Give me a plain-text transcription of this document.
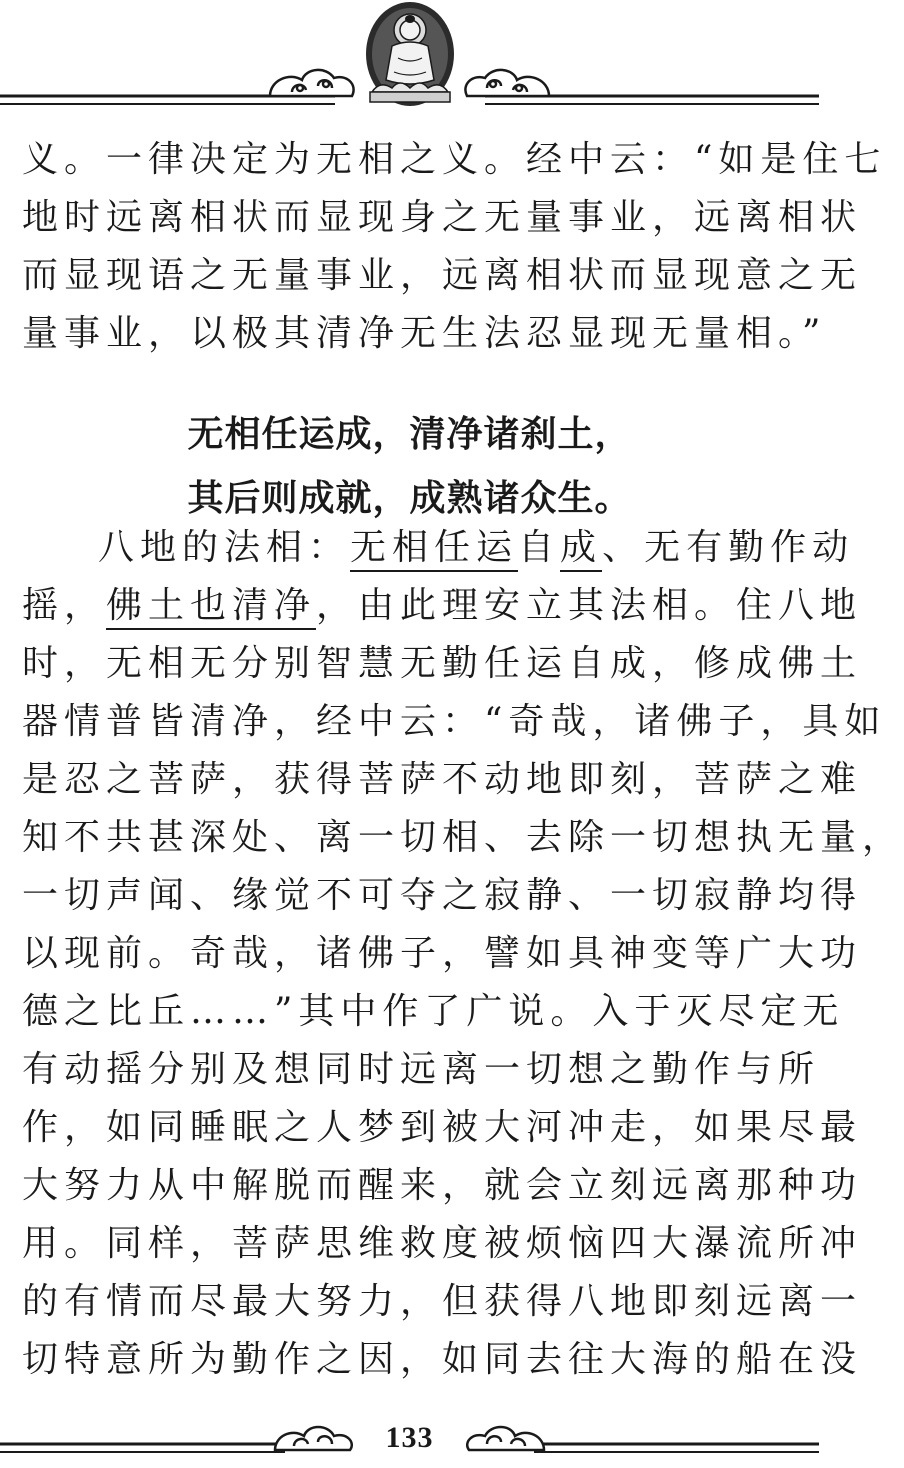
义。一律决定为无相之义。经中云：“如是住七
地时远离相状而显现身之无量事业，远离相状
而显现语之无量事业，远离相状而显现意之无
量事业，以极其清净无生法忍显现无量相。”
无相任运成，清净诸刹土，
其后则成就，成熟诸众生。
八地的法相：无相任运自成、无有勤作动
摇，佛土也清净，由此理安立其法相。住八地
时，无相无分别智慧无勤任运自成，修成佛土
器情普皆清净，经中云：“奇哉，诸佛子，具如
是忍之菩萨，获得菩萨不动地即刻，菩萨之难
知不共甚深处、离一切相、去除一切想执无量，
一切声闻、缘觉不可夺之寂静、一切寂静均得
以现前。奇哉，诸佛子，譬如具神变等广大功
德之比丘……”其中作了广说。入于灭尽定无
有动摇分别及想同时远离一切想之勤作与所
作，如同睡眠之人梦到被大河冲走，如果尽最
大努力从中解脱而醒来，就会立刻远离那种功
用。同样，菩萨思维救度被烦恼四大瀑流所冲
的有情而尽最大努力，但获得八地即刻远离一
切特意所为勤作之因，如同去往大海的船在没
133
